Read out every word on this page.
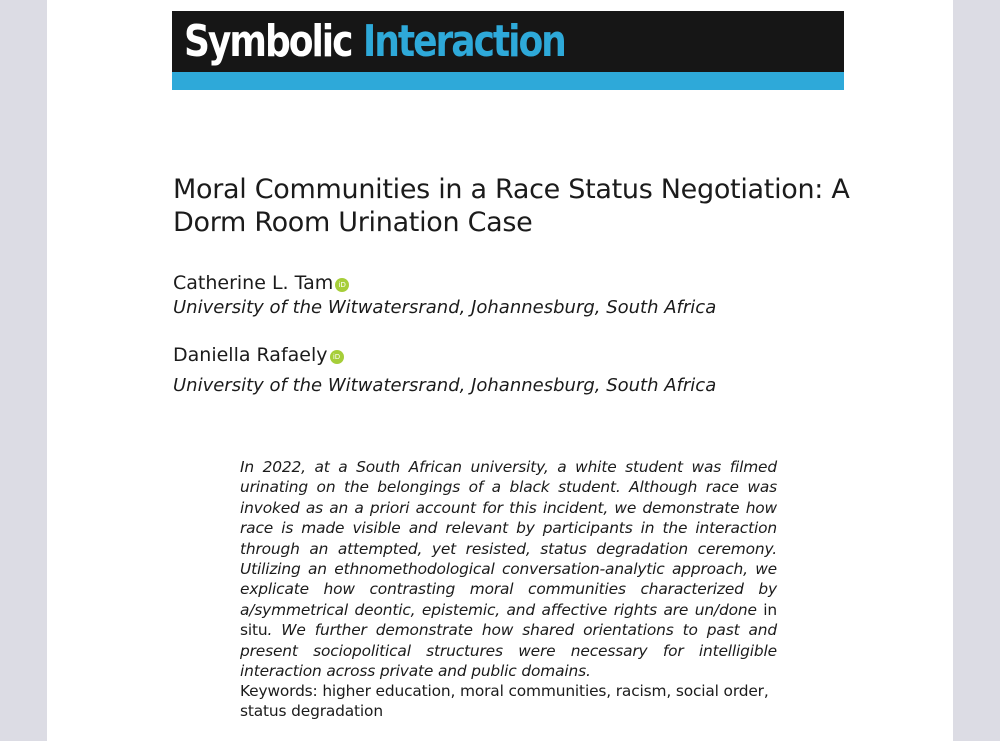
Symbolic Interaction
Moral Communities in a Race Status Negotiation: A Dorm Room Urination Case
Catherine L. Tam iD
University of the Witwatersrand, Johannesburg, South Africa
Daniella Rafaely iD
University of the Witwatersrand, Johannesburg, South Africa

In 2022, at a South African university, a white student was filmed urinating on the belongings of a black student. Although race was invoked as an a priori account for this incident, we demonstrate how race is made visible and relevant by participants in the interaction through an attempted, yet resisted, status degradation ceremony. Utilizing an ethnomethodological conversation-analytic approach, we explicate how contrasting moral communities characterized by a/symmetrical deontic, epistemic, and affective rights are un/done in situ. We further demonstrate how shared orientations to past and present sociopolitical structures were necessary for intelligible interaction across private and public domains.

Keywords: higher education, moral communities, racism, social order, status degradation
